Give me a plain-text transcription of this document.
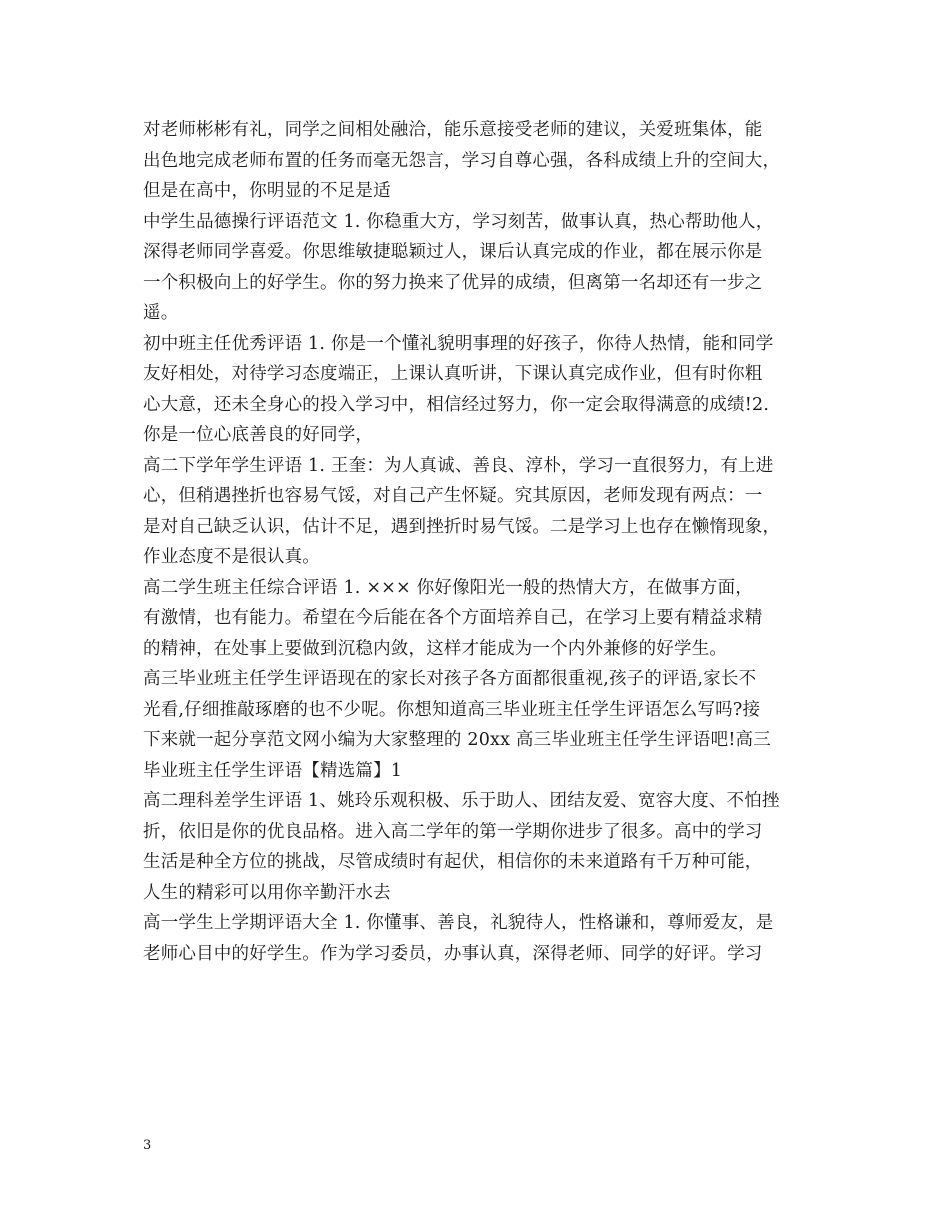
对老师彬彬有礼，同学之间相处融洽，能乐意接受老师的建议，关爱班集体，能
出色地完成老师布置的任务而毫无怨言，学习自尊心强，各科成绩上升的空间大，
但是在高中，你明显的不足是适
中学生品德操行评语范文 1. 你稳重大方，学习刻苦，做事认真，热心帮助他人，
深得老师同学喜爱。你思维敏捷聪颖过人，课后认真完成的作业，都在展示你是
一个积极向上的好学生。你的努力换来了优异的成绩，但离第一名却还有一步之
遥。
初中班主任优秀评语 1. 你是一个懂礼貌明事理的好孩子，你待人热情，能和同学
友好相处，对待学习态度端正，上课认真听讲，下课认真完成作业，但有时你粗
心大意，还未全身心的投入学习中，相信经过努力，你一定会取得满意的成绩!2.
你是一位心底善良的好同学，
高二下学年学生评语 1. 王奎：为人真诚、善良、淳朴，学习一直很努力，有上进
心，但稍遇挫折也容易气馁，对自己产生怀疑。究其原因，老师发现有两点：一
是对自己缺乏认识，估计不足，遇到挫折时易气馁。二是学习上也存在懒惰现象，
作业态度不是很认真。
高二学生班主任综合评语 1. ××× 你好像阳光一般的热情大方，在做事方面，
有激情，也有能力。希望在今后能在各个方面培养自己，在学习上要有精益求精
的精神，在处事上要做到沉稳内敛，这样才能成为一个内外兼修的好学生。
高三毕业班主任学生评语现在的家长对孩子各方面都很重视,孩子的评语,家长不
光看,仔细推敲琢磨的也不少呢。你想知道高三毕业班主任学生评语怎么写吗?接
下来就一起分享范文网小编为大家整理的 20xx 高三毕业班主任学生评语吧!高三
毕业班主任学生评语【精选篇】1
高二理科差学生评语 1、姚玲乐观积极、乐于助人、团结友爱、宽容大度、不怕挫
折，依旧是你的优良品格。进入高二学年的第一学期你进步了很多。高中的学习
生活是种全方位的挑战，尽管成绩时有起伏，相信你的未来道路有千万种可能，
人生的精彩可以用你辛勤汗水去
高一学生上学期评语大全 1. 你懂事、善良，礼貌待人，性格谦和，尊师爱友，是
老师心目中的好学生。作为学习委员，办事认真，深得老师、同学的好评。学习
3
